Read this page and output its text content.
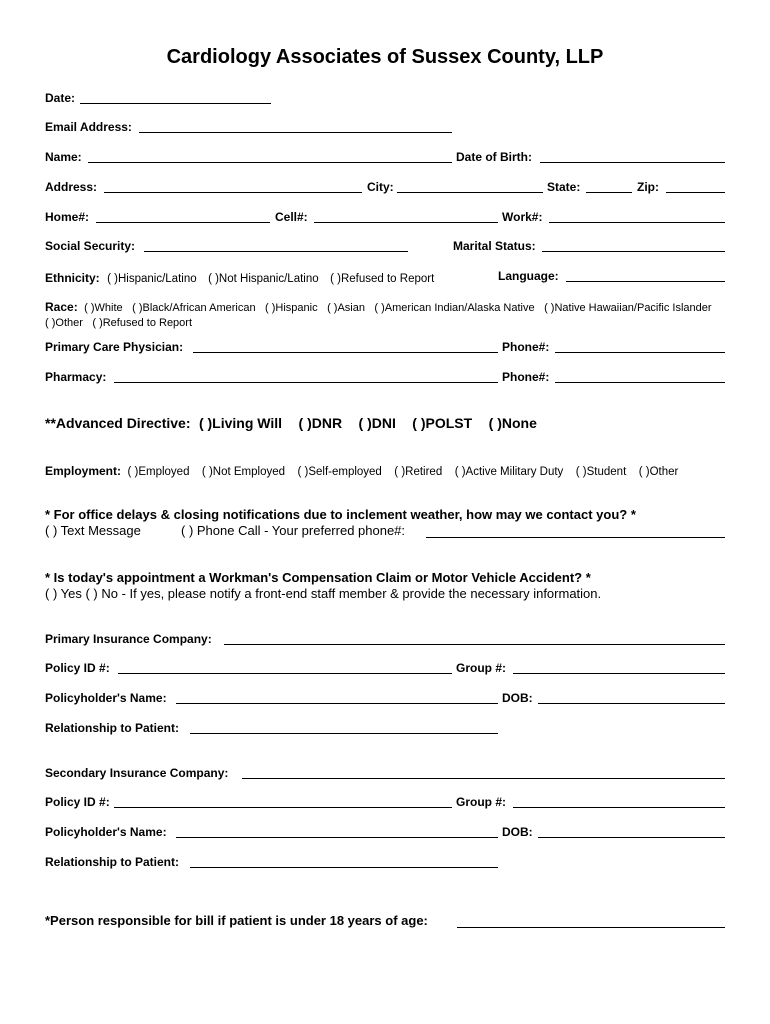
Cardiology Associates of Sussex County, LLP
Date:
Email Address:
Name:	Date of Birth:
Address:	City:	State:	Zip:
Home#:	Cell#:	Work#:
Social Security:	Marital Status:
Ethnicity: ( )Hispanic/Latino ( )Not Hispanic/Latino ( )Refused to Report	Language:
Race: ( )White ( )Black/African American ( )Hispanic ( )Asian ( )American Indian/Alaska Native ( )Native Hawaiian/Pacific Islander
( )Other ( )Refused to Report
Primary Care Physician:	Phone#:
Pharmacy:	Phone#:
**Advanced Directive: ( )Living Will ( )DNR ( )DNI ( )POLST ( )None
Employment: ( )Employed ( )Not Employed ( )Self-employed ( )Retired ( )Active Military Duty ( )Student ( )Other
* For office delays & closing notifications due to inclement weather, how may we contact you? *
( ) Text Message	( ) Phone Call - Your preferred phone#:
* Is today's appointment a Workman's Compensation Claim or Motor Vehicle Accident? *
( ) Yes ( ) No - If yes, please notify a front-end staff member & provide the necessary information.
Primary Insurance Company:
Policy ID #:	Group #:
Policyholder's Name:	DOB:
Relationship to Patient:
Secondary Insurance Company:
Policy ID #:	Group #:
Policyholder's Name:	DOB:
Relationship to Patient:
*Person responsible for bill if patient is under 18 years of age:
